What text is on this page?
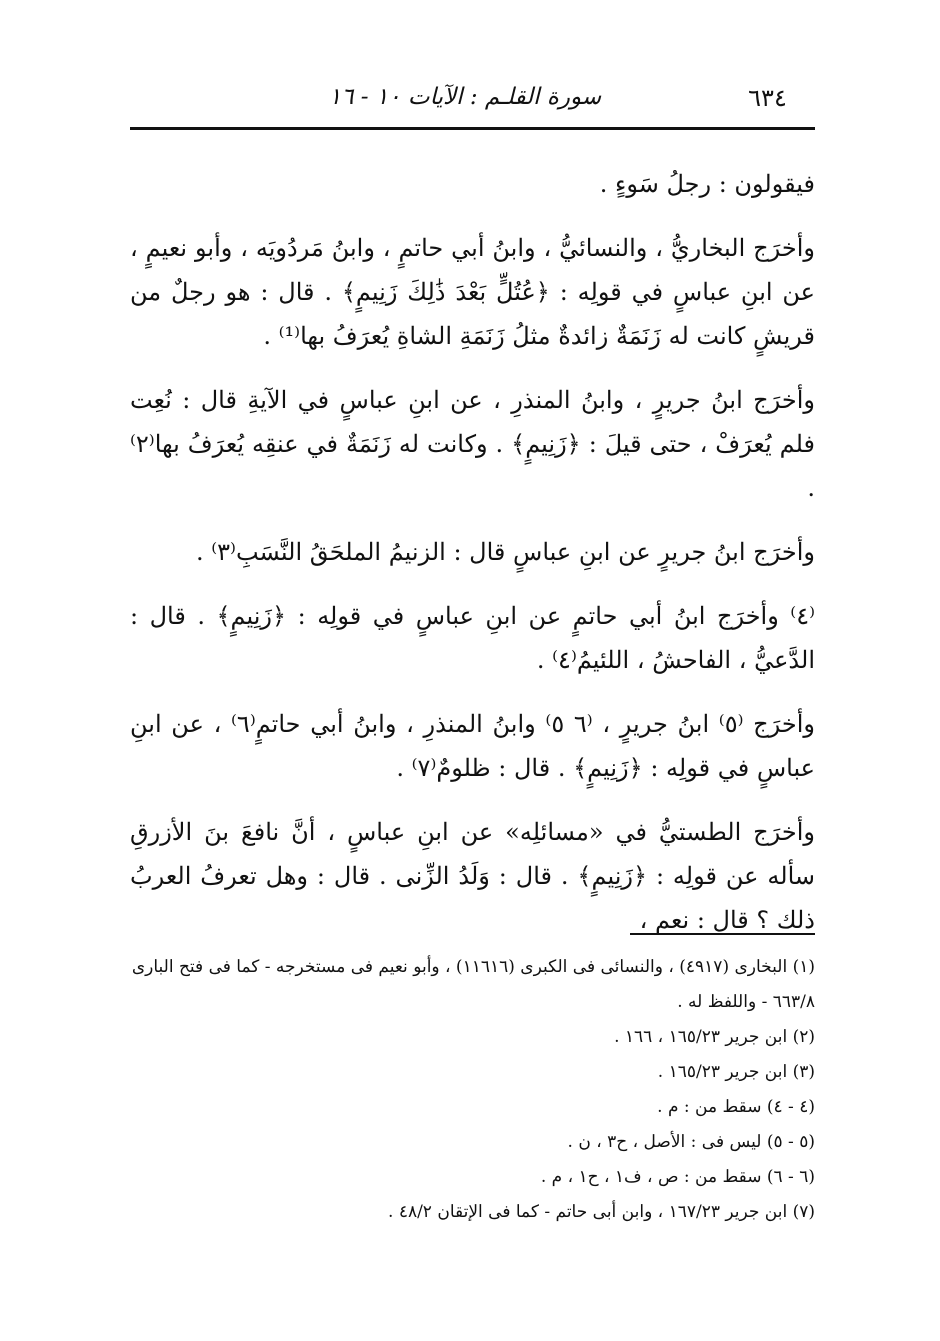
٦٣٤
سورة القلـم : الآيات ١٠ - ١٦

فيقولون : رجلُ سَوءٍ .

وأخرَج البخاريُّ ، والنسائيُّ ، وابنُ أبي حاتمٍ ، وابنُ مَردُويَه ، وأبو نعيمٍ ، عن ابنِ عباسٍ في قولِه : ﴿عُتُلٍّ بَعْدَ ذَٰلِكَ زَنِيمٍ﴾ . قال : هو رجلٌ من قريشٍ كانت له زَنَمَةٌ زائدةٌ مثلُ زَنَمَةِ الشاةِ يُعرَفُ بها⁽¹⁾ .

وأخرَج ابنُ جريرٍ ، وابنُ المنذرِ ، عن ابنِ عباسٍ في الآيةِ قال : نُعِت فلم يُعرَفْ ، حتى قيلَ : ﴿زَنِيمٍ﴾ . وكانت له زَنَمَةٌ في عنقِه يُعرَفُ بها⁽٢⁾ .

وأخرَج ابنُ جريرٍ عن ابنِ عباسٍ قال : الزنيمُ الملحَقُ النَّسَبِ⁽٣⁾ .

⁽٤⁾ وأخرَج ابنُ أبي حاتمٍ عن ابنِ عباسٍ في قولِه : ﴿زَنِيمٍ﴾ . قال : الدَّعيُّ ، الفاحشُ ، اللئيمُ⁽٤⁾ .

وأخرَج ⁽٥⁾ ابنُ جريرٍ ، ⁽٦ ٥⁾ وابنُ المنذرِ ، وابنُ أبي حاتمٍ⁽٦⁾ ، عن ابنِ عباسٍ في قولِه : ﴿زَنِيمٍ﴾ . قال : ظلومٌ⁽٧⁾ .

وأخرَج الطستيُّ في «مسائلِه» عن ابنِ عباسٍ ، أنَّ نافعَ بنَ الأزرقِ سأله عن قولِه : ﴿زَنِيمٍ﴾ . قال : وَلَدُ الزِّنى . قال : وهل تعرفُ العربُ ذلك ؟ قال : نعم ،

(١) البخارى (٤٩١٧) ، والنسائى فى الكبرى (١١٦١٦) ، وأبو نعيم فى مستخرجه - كما فى فتح البارى ٦٦٣/٨ - واللفظ له .

(٢) ابن جرير ١٦٥/٢٣ ، ١٦٦ .

(٣) ابن جرير ١٦٥/٢٣ .

(٤ - ٤) سقط من : م .

(٥ - ٥) ليس فى : الأصل ، ح٣ ، ن .

(٦ - ٦) سقط من : ص ، ف١ ، ح١ ، م .

(٧) ابن جرير ١٦٧/٢٣ ، وابن أبى حاتم - كما فى الإتقان ٤٨/٢ .
